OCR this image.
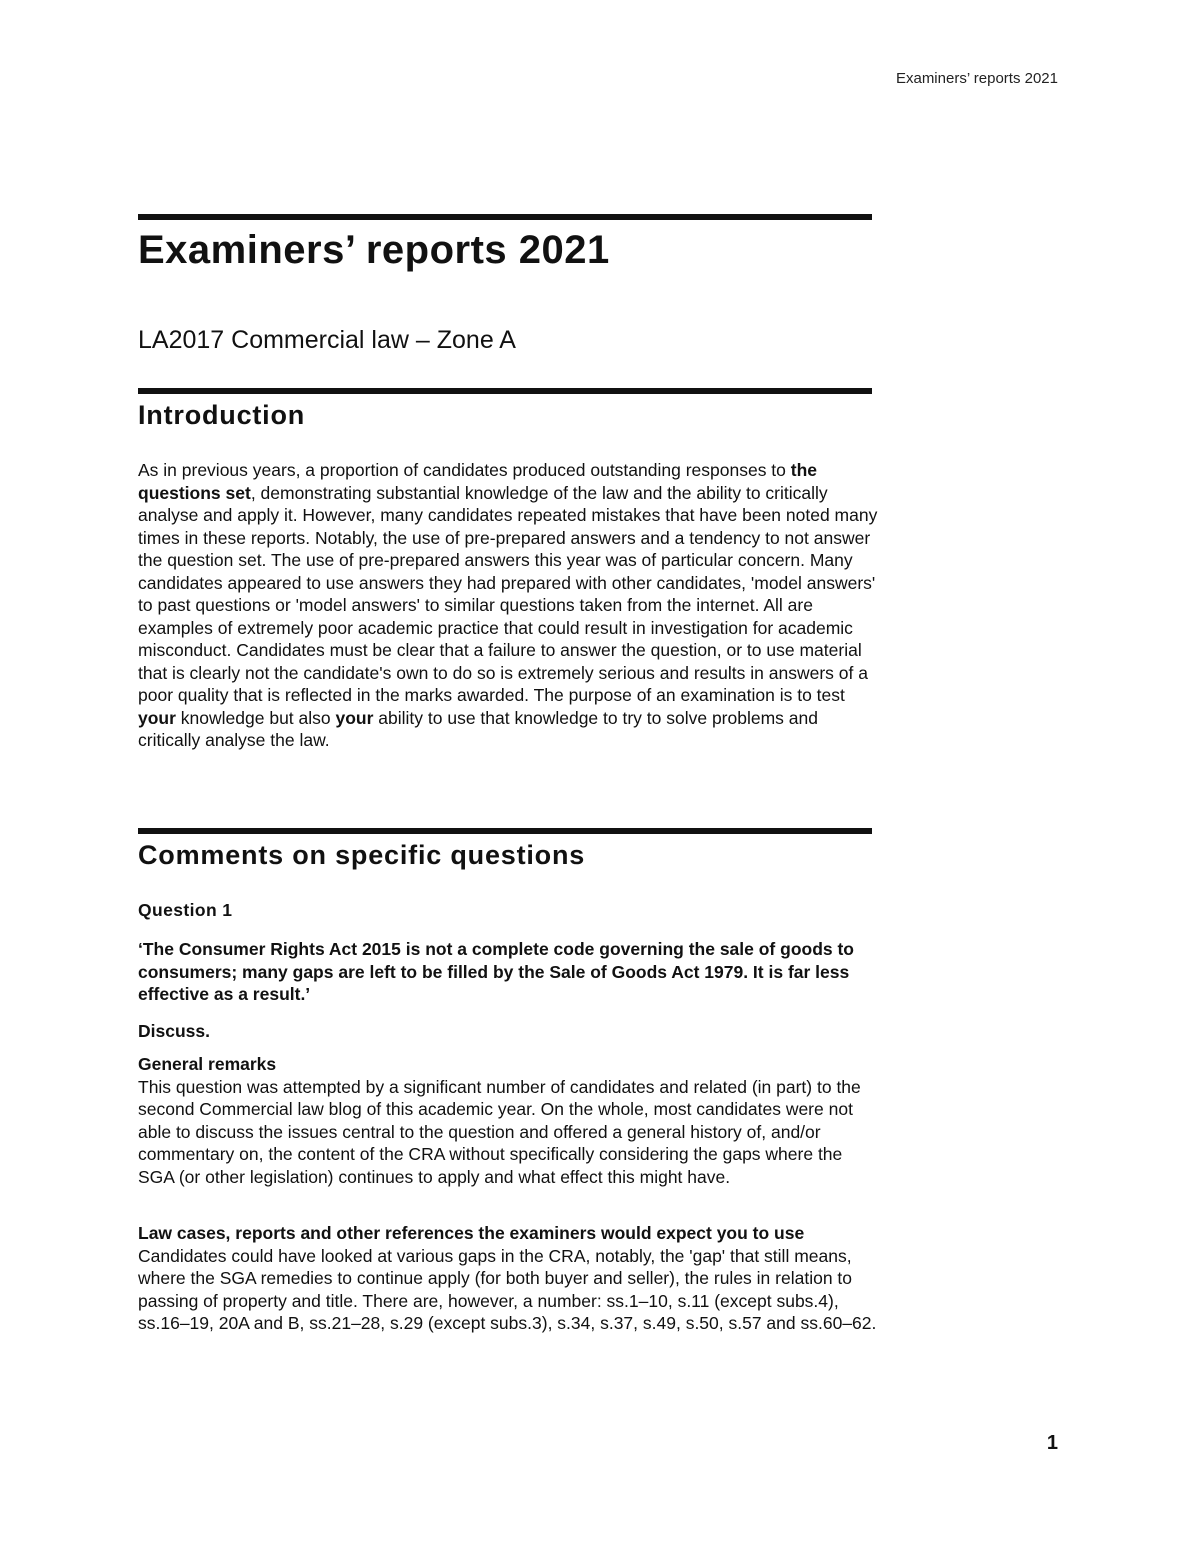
Examiners’ reports 2021
Examiners’ reports 2021
LA2017 Commercial law – Zone A
Introduction

As in previous years, a proportion of candidates produced outstanding responses to the questions set, demonstrating substantial knowledge of the law and the ability to critically analyse and apply it. However, many candidates repeated mistakes that have been noted many times in these reports. Notably, the use of pre-prepared answers and a tendency to not answer the question set. The use of pre-prepared answers this year was of particular concern. Many candidates appeared to use answers they had prepared with other candidates, 'model answers' to past questions or 'model answers' to similar questions taken from the internet. All are examples of extremely poor academic practice that could result in investigation for academic misconduct. Candidates must be clear that a failure to answer the question, or to use material that is clearly not the candidate's own to do so is extremely serious and results in answers of a poor quality that is reflected in the marks awarded. The purpose of an examination is to test your knowledge but also your ability to use that knowledge to try to solve problems and critically analyse the law.

Comments on specific questions

Question 1

‘The Consumer Rights Act 2015 is not a complete code governing the sale of goods to consumers; many gaps are left to be filled by the Sale of Goods Act 1979. It is far less effective as a result.’

Discuss.

General remarks
This question was attempted by a significant number of candidates and related (in part) to the second Commercial law blog of this academic year. On the whole, most candidates were not able to discuss the issues central to the question and offered a general history of, and/or commentary on, the content of the CRA without specifically considering the gaps where the SGA (or other legislation) continues to apply and what effect this might have.
Law cases, reports and other references the examiners would expect you to use
Candidates could have looked at various gaps in the CRA, notably, the 'gap' that still means, where the SGA remedies to continue apply (for both buyer and seller), the rules in relation to passing of property and title. There are, however, a number: ss.1–10, s.11 (except subs.4), ss.16–19, 20A and B, ss.21–28, s.29 (except subs.3), s.34, s.37, s.49, s.50, s.57 and ss.60–62.
1
